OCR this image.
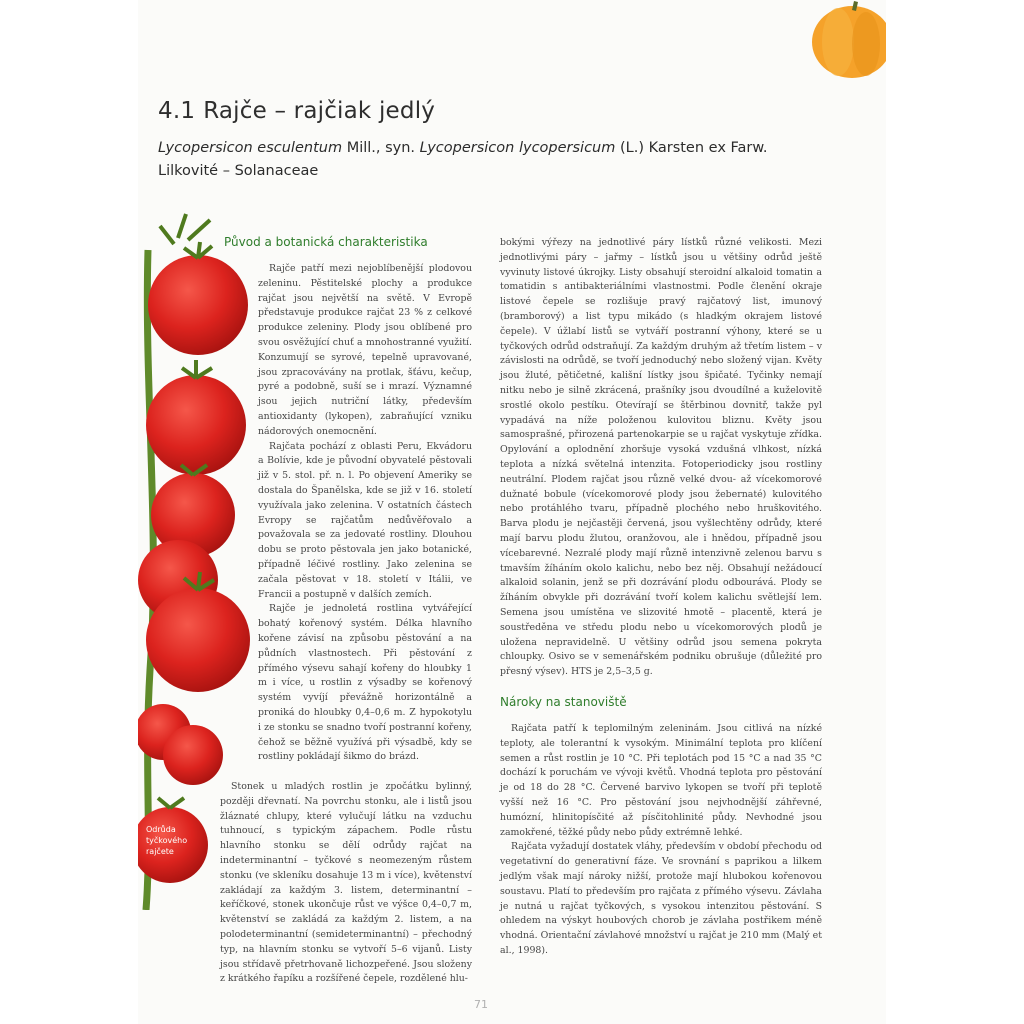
4.1 Rajče – rajčiak jedlý
Lycopersicon esculentum Mill., syn. Lycopersicon lycopersicum (L.) Karsten ex Farw.
Lilkovité – Solanaceae
Odrůda
tyčkového
rajčete
Původ a botanická charakteristika

Rajče patří mezi nejoblíbenější plodovou zeleninu. Pěstitelské plochy a produkce rajčat jsou největší na světě. V Evropě představuje produkce rajčat 23 % z celkové produkce zeleniny. Plody jsou oblíbené pro svou osvěžující chuť a mnohostranné využití. Konzumují se syrové, tepelně upravované, jsou zpracovávány na protlak, šťávu, kečup, pyré a podobně, suší se i mrazí. Významné jsou jejich nutriční látky, především antioxidanty (lykopen), zabraňující vzniku nádorových onemocnění.

Rajčata pochází z oblasti Peru, Ekvádoru a Bolívie, kde je původní obyvatelé pěstovali již v 5. stol. př. n. l. Po objevení Ameriky se dostala do Španělska, kde se již v 16. století využívala jako zelenina. V ostatních částech Evropy se rajčatům nedůvěřovalo a považovala se za jedovaté rostliny. Dlouhou dobu se proto pěstovala jen jako botanické, případně léčivé rostliny. Jako zelenina se začala pěstovat v 18. století v Itálii, ve Francii a postupně v dalších zemích.

Rajče je jednoletá rostlina vytvářející bohatý kořenový systém. Délka hlavního kořene závisí na způsobu pěstování a na půdních vlastnostech. Při pěstování z přímého výsevu sahají kořeny do hloubky 1 m i více, u rostlin z výsadby se kořenový systém vyvíjí převážně horizontálně a proniká do hloubky 0,4–0,6 m. Z hypokotylu i ze stonku se snadno tvoří postranní kořeny, čehož se běžně využívá při výsadbě, kdy se rostliny pokládají šikmo do brázd.

Stonek u mladých rostlin je zpočátku bylinný, později dřevnatí. Na povrchu stonku, ale i listů jsou žláznaté chlupy, které vylučují látku na vzduchu tuhnoucí, s typickým zápachem. Podle růstu hlavního stonku se dělí odrůdy rajčat na indeterminantní – tyčkové s neomezeným růstem stonku (ve skleníku dosahuje 13 m i více), květenství zakládají za každým 3. listem, determinantní – keříčkové, stonek ukončuje růst ve výšce 0,4–0,7 m, květenství se zakládá za každým 2. listem, a na polodeterminantní (semideterminantní) – přechodný typ, na hlavním stonku se vytvoří 5–6 vijanů. Listy jsou střídavě přetrhovaně lichozpeřené. Jsou složeny z krátkého řapíku a rozšířené čepele, rozdělené hlu-

bokými výřezy na jednotlivé páry lístků různé velikosti. Mezi jednotlivými páry – jařmy – lístků jsou u většiny odrůd ještě vyvinuty listové úkrojky. Listy obsahují steroidní alkaloid tomatin a tomatidin s antibakteriálními vlastnostmi. Podle členění okraje listové čepele se rozlišuje pravý rajčatový list, imunový (bramborový) a list typu mikádo (s hladkým okrajem listové čepele). V úžlabí listů se vytváří postranní výhony, které se u tyčkových odrůd odstraňují. Za každým druhým až třetím listem – v závislosti na odrůdě, se tvoří jednoduchý nebo složený vijan. Květy jsou žluté, pětičetné, kališní lístky jsou špičaté. Tyčinky nemají nitku nebo je silně zkrácená, prašníky jsou dvoudílné a kuželovitě srostlé okolo pestíku. Otevírají se štěrbinou dovnitř, takže pyl vypadává na níže položenou kulovitou bliznu. Květy jsou samosprašné, přirozená partenokarpie se u rajčat vyskytuje zřídka. Opylování a oplodnění zhoršuje vysoká vzdušná vlhkost, nízká teplota a nízká světelná intenzita. Fotoperiodicky jsou rostliny neutrální. Plodem rajčat jsou různě velké dvou- až vícekomorové dužnaté bobule (vícekomorové plody jsou žebernaté) kulovitého nebo protáhlého tvaru, případně plochého nebo hruškovitého. Barva plodu je nejčastěji červená, jsou vyšlechtěny odrůdy, které mají barvu plodu žlutou, oranžovou, ale i hnědou, případně jsou vícebarevné. Nezralé plody mají různě intenzivně zelenou barvu s tmavším žíháním okolo kalichu, nebo bez něj. Obsahují nežádoucí alkaloid solanin, jenž se při dozrávání plodu odbourává. Plody se žíháním obvykle při dozrávání tvoří kolem kalichu světlejší lem. Semena jsou umístěna ve slizovité hmotě – placentě, která je soustředěna ve středu plodu nebo u vícekomorových plodů je uložena nepravidelně. U většiny odrůd jsou semena pokryta chloupky. Osivo se v semenářském podniku obrušuje (důležité pro přesný výsev). HTS je 2,5–3,5 g.

Nároky na stanoviště

Rajčata patří k teplomilným zeleninám. Jsou citlivá na nízké teploty, ale tolerantní k vysokým. Minimální teplota pro klíčení semen a růst rostlin je 10 °C. Při teplotách pod 15 °C a nad 35 °C dochází k poruchám ve vývoji květů. Vhodná teplota pro pěstování je od 18 do 28 °C. Červené barvivo lykopen se tvoří při teplotě vyšší než 16 °C. Pro pěstování jsou nejvhodnější záhřevné, humózní, hlinitopísčité až písčitohlinité půdy. Nevhodné jsou zamokřené, těžké půdy nebo půdy extrémně lehké.

Rajčata vyžadují dostatek vláhy, především v období přechodu od vegetativní do generativní fáze. Ve srovnání s paprikou a lilkem jedlým však mají nároky nižší, protože mají hlubokou kořenovou soustavu. Platí to především pro rajčata z přímého výsevu. Závlaha je nutná u rajčat tyčkových, s vysokou intenzitou pěstování. S ohledem na výskyt houbových chorob je závlaha postřikem méně vhodná. Orientační závlahové množství u rajčat je 210 mm (Malý et al., 1998).

71
